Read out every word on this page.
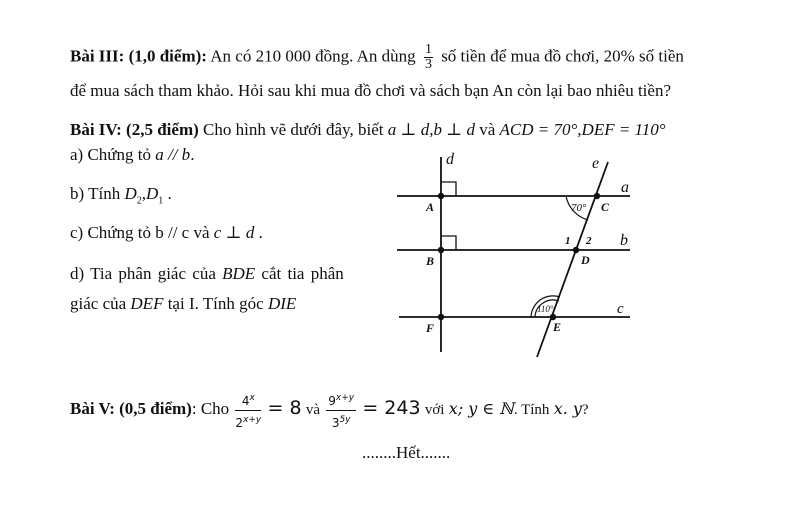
Bài III: (1,0 điểm): An có 210 000 đồng. An dùng $\frac{1}{3}$ số tiền để mua đồ chơi, 20% số tiền
để mua sách tham khảo. Hỏi sau khi mua đồ chơi và sách bạn An còn lại bao nhiêu tiền?
Bài IV: (2,5 điểm) Cho hình vẽ dưới đây, biết a ⊥ d,b ⊥ d và ACD = 70°,DEF = 110°
a) Chứng tỏ a // b.
b) Tính $D_2,D_1$ .
c) Chứng tỏ b // c và c ⊥ d .
d) Tia phân giác của BDE cắt tia phân
giác của DEF tại I. Tính góc DIE
d	e
a
b
c
A
B
F
C
D
E
70°
110°
1 2
Bài V: (0,5 điểm): Cho $\frac{4^x}{2^{x+y}} = 8$ và $\frac{9^{x+y}}{3^{5y}} = 243$ với x; y ∈ ℕ. Tính x. y?
........Hết.......
